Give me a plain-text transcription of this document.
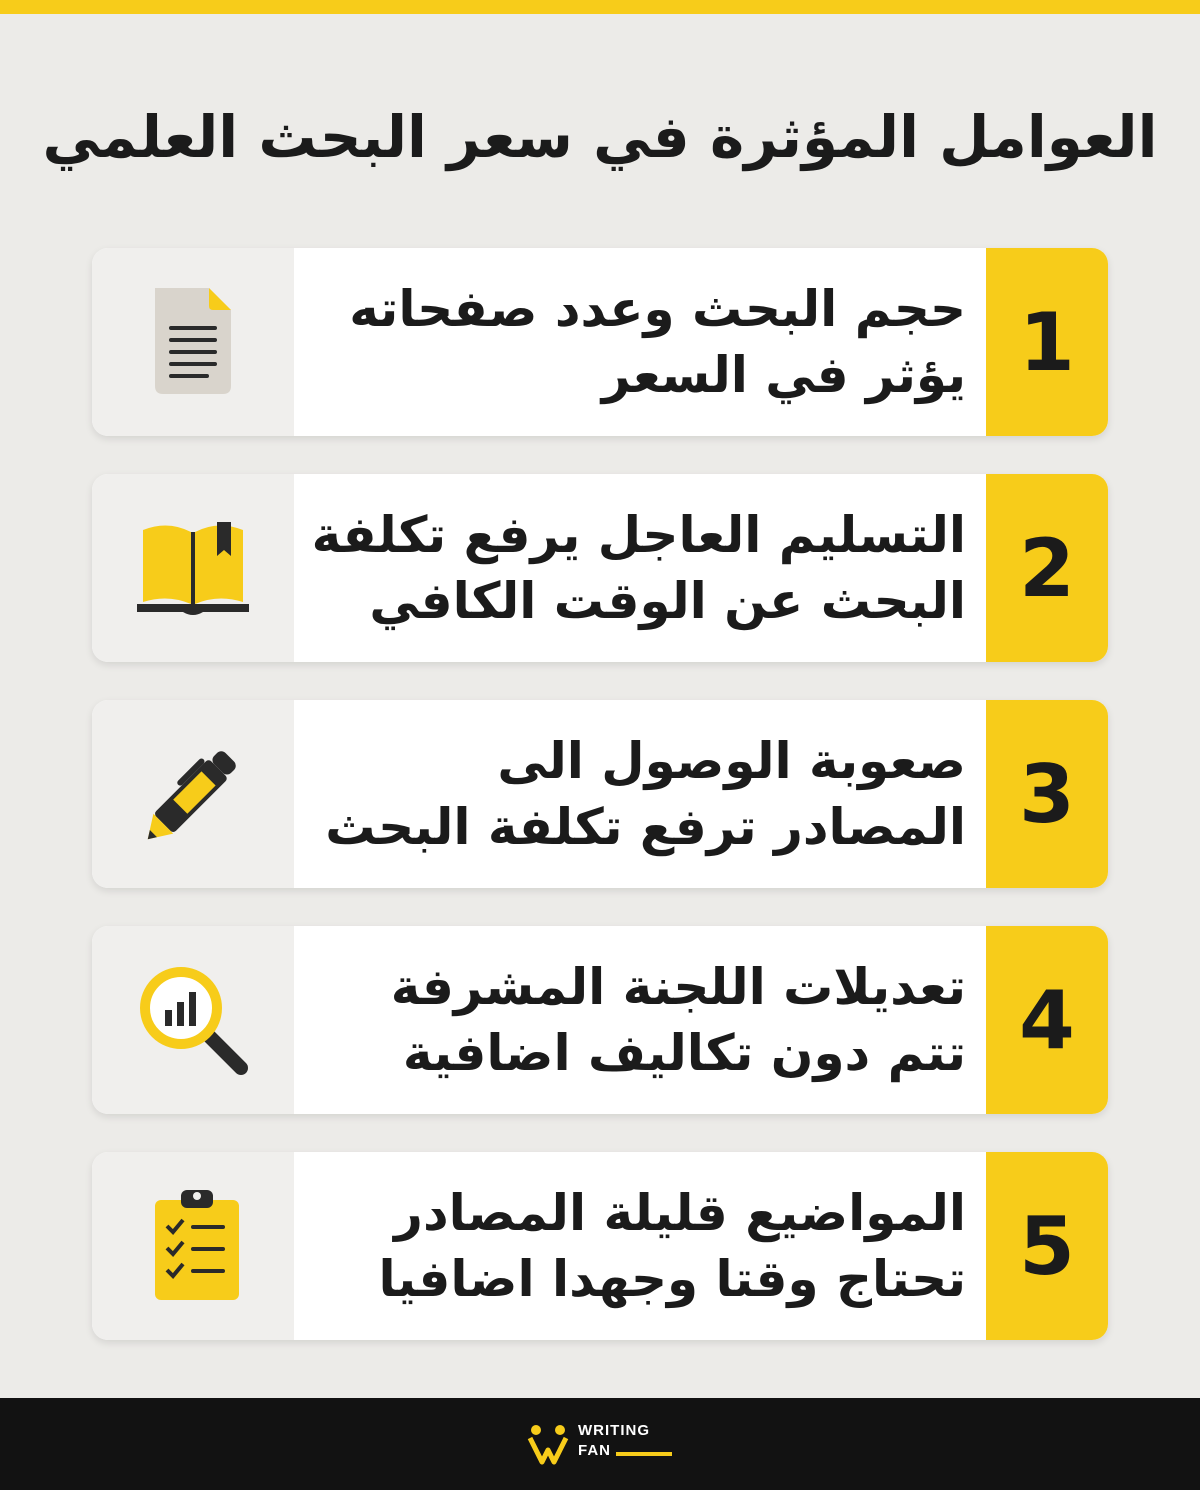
العوامل المؤثرة في سعر البحث العلمي
حجم البحث وعدد صفحاته يؤثر في السعر 1
التسليم العاجل يرفع تكلفة البحث عن الوقت الكافي 2
صعوبة الوصول الى المصادر ترفع تكلفة البحث 3
تعديلات اللجنة المشرفة تتم دون تكاليف اضافية 4
المواضيع قليلة المصادر تحتاج وقتا وجهدا اضافيا 5
WRITING
FAN
